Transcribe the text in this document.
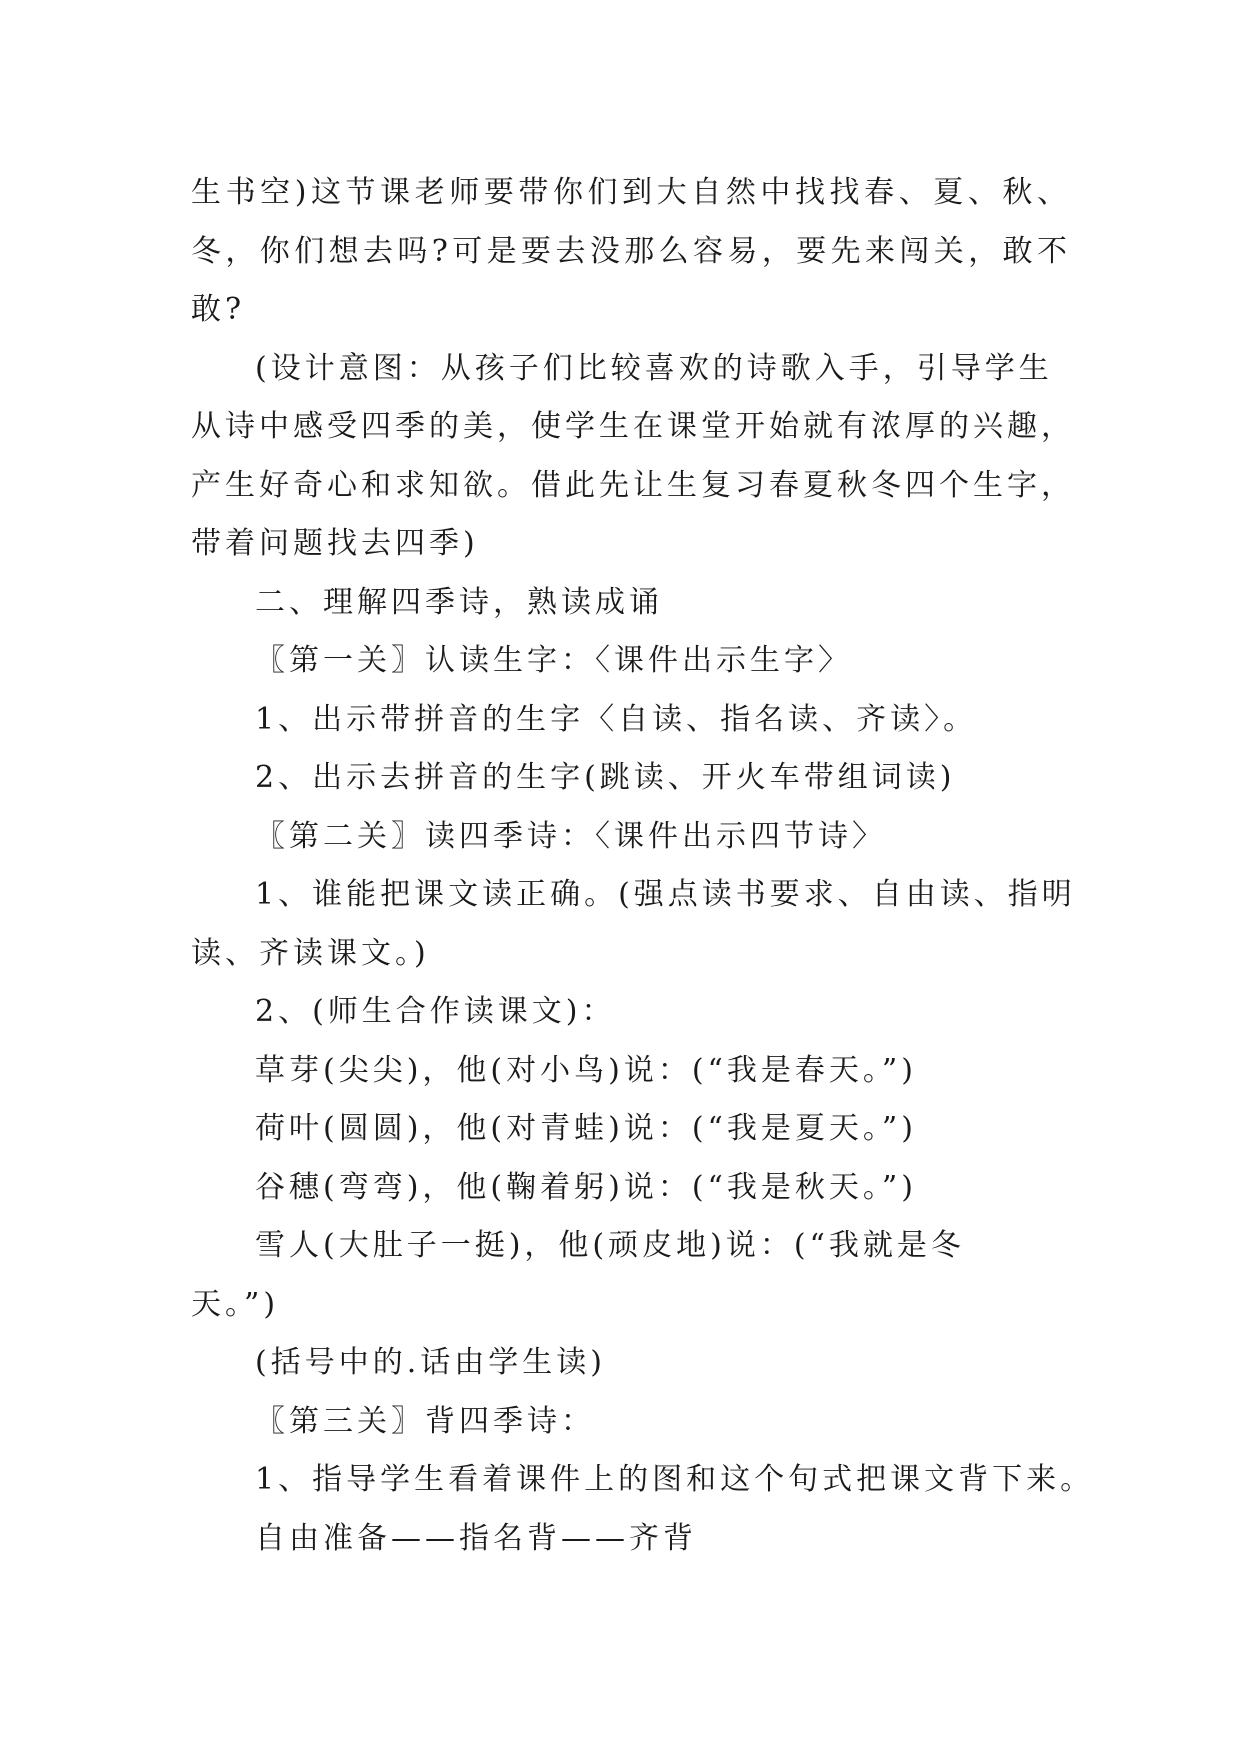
生书空)这节课老师要带你们到大自然中找找春、夏、秋、
冬，你们想去吗?可是要去没那么容易，要先来闯关，敢不
敢?
(设计意图：从孩子们比较喜欢的诗歌入手，引导学生
从诗中感受四季的美，使学生在课堂开始就有浓厚的兴趣，
产生好奇心和求知欲。借此先让生复习春夏秋冬四个生字，
带着问题找去四季)
二、理解四季诗，熟读成诵
〖第一关〗认读生字：〈课件出示生字〉
1、出示带拼音的生字〈自读、指名读、齐读〉。
2、出示去拼音的生字(跳读、开火车带组词读)
〖第二关〗读四季诗：〈课件出示四节诗〉
1、谁能把课文读正确。(强点读书要求、自由读、指明
读、齐读课文。)
2、(师生合作读课文)：
草芽(尖尖)，他(对小鸟)说：(“我是春天。”)
荷叶(圆圆)，他(对青蛙)说：(“我是夏天。”)
谷穗(弯弯)，他(鞠着躬)说：(“我是秋天。”)
雪人(大肚子一挺)，他(顽皮地)说：(“我就是冬
天。”)
(括号中的.话由学生读)
〖第三关〗背四季诗：
1、指导学生看着课件上的图和这个句式把课文背下来。
自由准备——指名背——齐背
